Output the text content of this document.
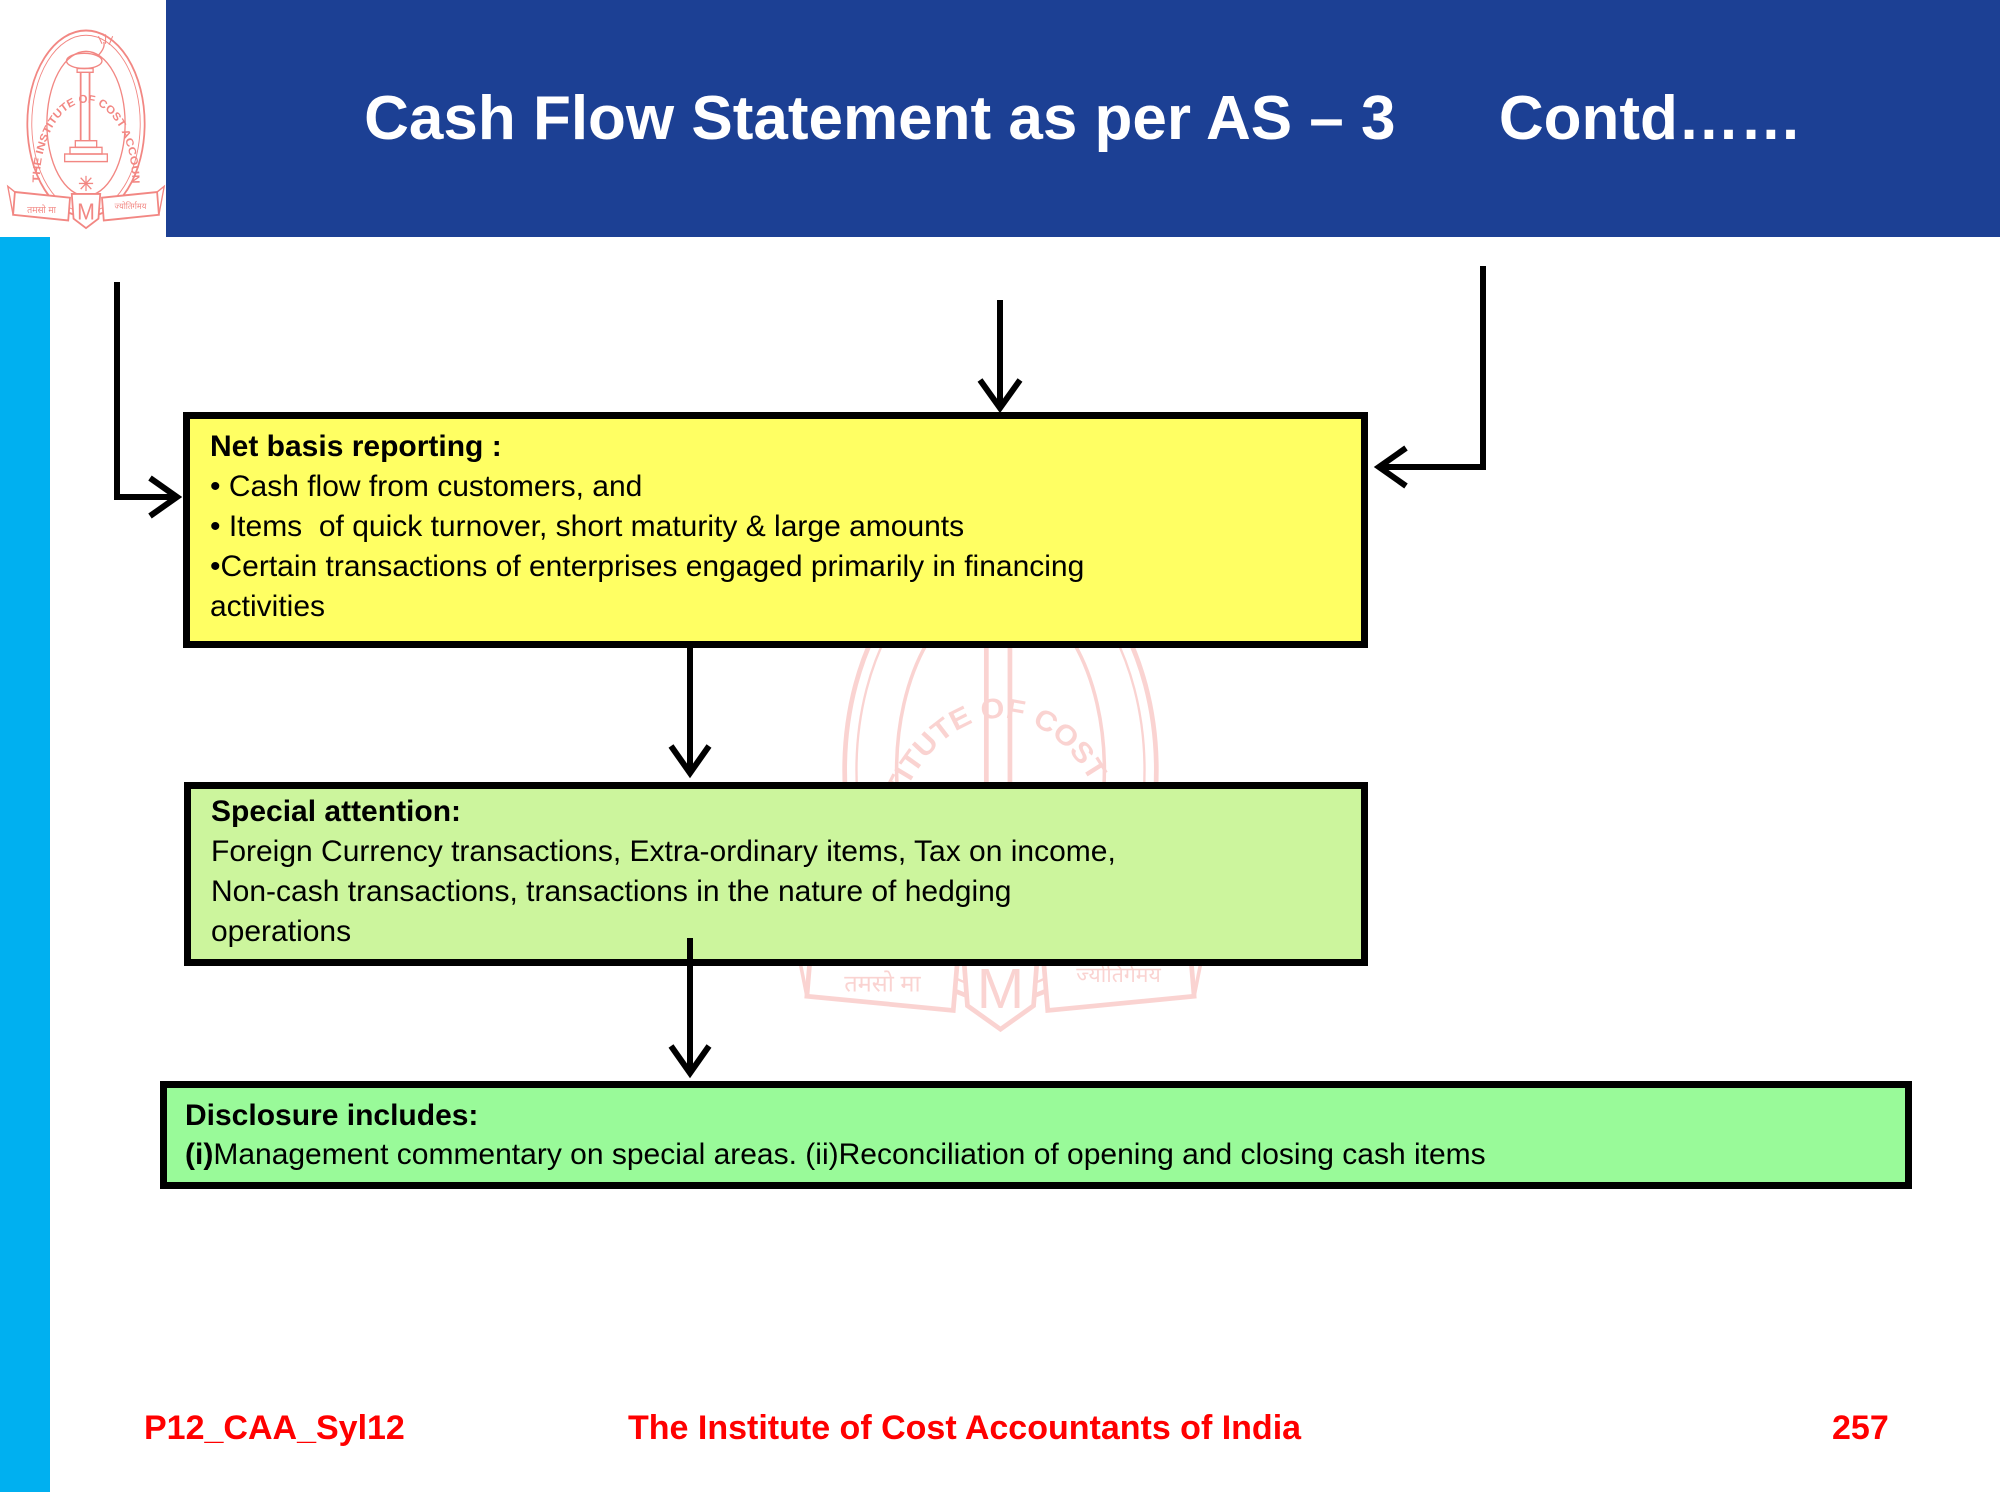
Cash Flow Statement as per AS – 3      Contd……
Net basis reporting :
• Cash flow from customers, and
• Items  of quick turnover, short maturity & large amounts
•Certain transactions of enterprises engaged primarily in financing
activities
Special attention:
Foreign Currency transactions, Extra-ordinary items, Tax on income,
Non-cash transactions, transactions in the nature of hedging
operations
Disclosure includes:
(i)Management commentary on special areas. (ii)Reconciliation of opening and closing cash items
P12_CAA_Syl12	The Institute of Cost Accountants of India	257
